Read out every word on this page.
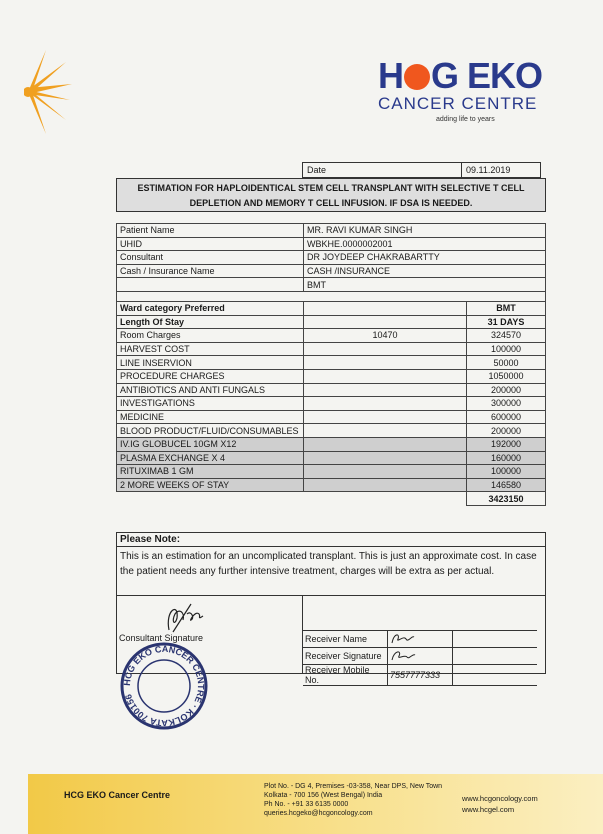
H G EKO
CANCER CENTRE
adding life to years
Date	09.11.2019
ESTIMATION FOR HAPLOIDENTICAL STEM CELL TRANSPLANT WITH SELECTIVE T CELL DEPLETION AND MEMORY T CELL INFUSION. IF DSA IS NEEDED.
Patient Name	MR. RAVI KUMAR SINGH	
UHID	WBKHE.0000002001	
Consultant	DR JOYDEEP CHAKRABARTTY	
Cash / Insurance Name	CASH /INSURANCE	
	BMT	

Ward category Preferred		BMT
Length Of Stay		31 DAYS
Room Charges	10470	324570
HARVEST COST		100000
LINE INSERVION		50000
PROCEDURE CHARGES		1050000
ANTIBIOTICS AND ANTI FUNGALS		200000
INVESTIGATIONS		300000
MEDICINE		600000
BLOOD PRODUCT/FLUID/CONSUMABLES		200000
IV.IG GLOBUCEL 10GM X12		192000
PLASMA EXCHANGE X 4		160000
RITUXIMAB 1 GM		100000
2 MORE WEEKS OF STAY		146580
		3423150
Please Note:
This is an estimation for an uncomplicated transplant. This is just an approximate cost. In case the patient needs any further intensive treatment, charges will be extra as per actual.
Consultant Signature	Receiver Name		
Receiver Signature		
Receiver Mobile No.	7557777333	
HCG EKO CANCER CENTRE · KOLKATA 700156
HCG EKO Cancer Centre
Plot No. - DG 4, Premises -03-358, Near DPS, New Town
Kolkata - 700 156 (West Bengal) India
Ph No. - +91 33 6135 0000
queries.hcgeko@hcgoncology.com
www.hcgoncology.com
www.hcgel.com
